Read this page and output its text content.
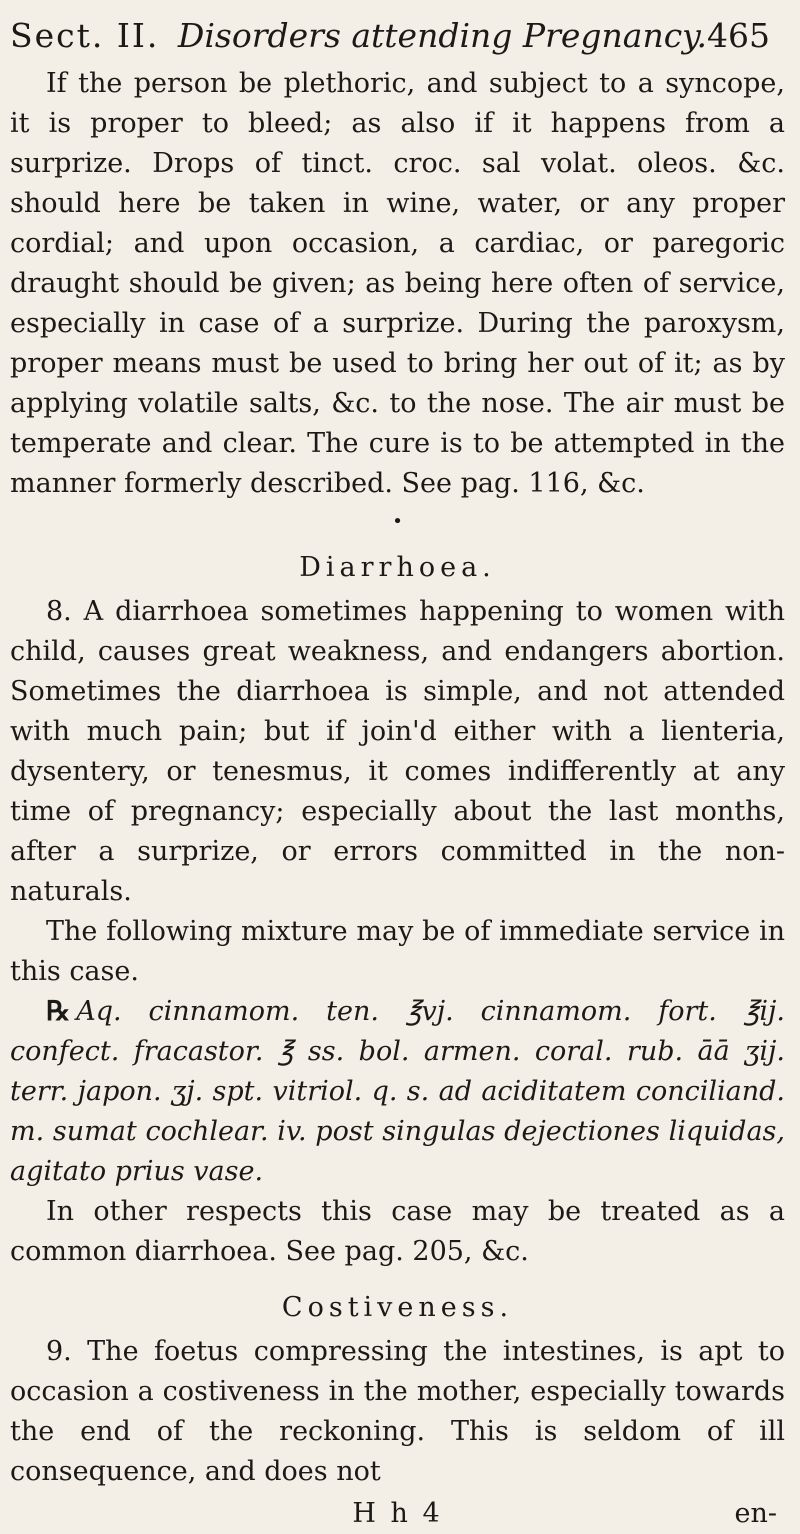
Sect. II. Disorders attending Pregnancy. 465

If the person be plethoric, and subject to a syncope, it is proper to bleed; as also if it happens from a surprize. Drops of tinct. croc. sal volat. oleos. &c. should here be taken in wine, water, or any proper cordial; and upon occasion, a cardiac, or paregoric draught should be given; as being here often of service, especially in case of a surprize. During the paroxysm, proper means must be used to bring her out of it; as by applying volatile salts, &c. to the nose. The air must be temperate and clear. The cure is to be attempted in the manner formerly described. See pag. 116, &c.

•
Diarrhoea.

8. A diarrhoea sometimes happening to women with child, causes great weakness, and endangers abortion. Sometimes the diarrhoea is simple, and not attended with much pain; but if join'd either with a lienteria, dysentery, or tenesmus, it comes indifferently at any time of pregnancy; especially about the last months, after a surprize, or errors committed in the non-naturals.

The following mixture may be of immediate service in this case.

℞ Aq. cinnamom. ten. ℥vj. cinnamom. fort. ℥ij. confect. fracastor. ℥ ss. bol. armen. coral. rub. āā ʒij. terr. japon. ʒj. spt. vitriol. q. s. ad aciditatem conciliand. m. sumat cochlear. iv. post singulas dejectiones liquidas, agitato prius vase.

In other respects this case may be treated as a common diarrhoea. See pag. 205, &c.

Costiveness.

9. The foetus compressing the intestines, is apt to occasion a costiveness in the mother, especially towards the end of the reckoning. This is seldom of ill consequence, and does not

H h 4	en-
